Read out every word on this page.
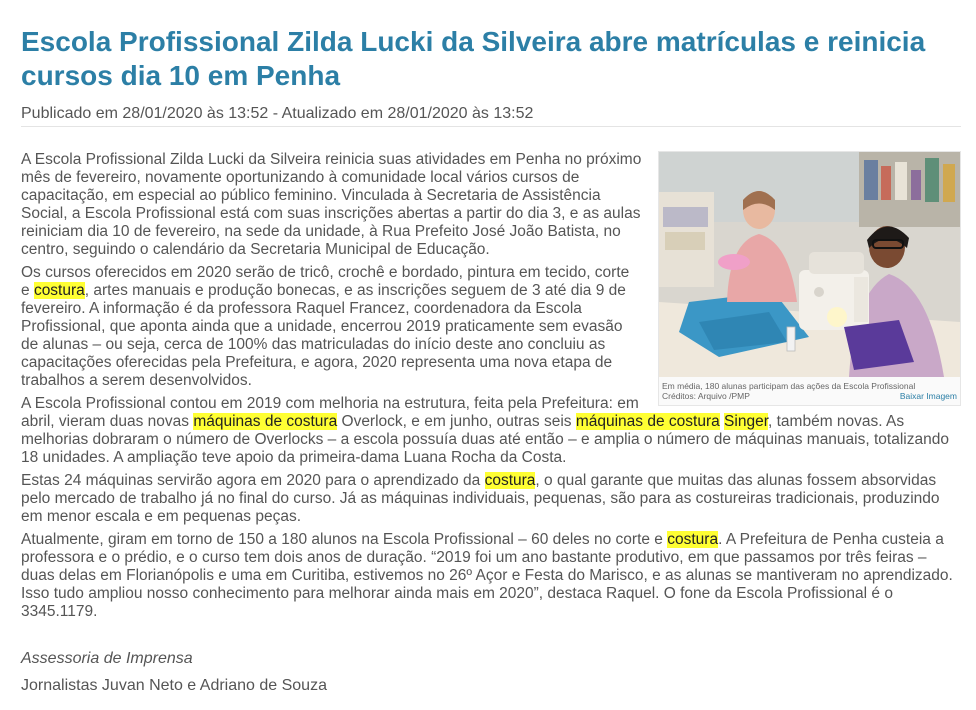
Escola Profissional Zilda Lucki da Silveira abre matrículas e reinicia cursos dia 10 em Penha
Publicado em 28/01/2020 às 13:52 - Atualizado em 28/01/2020 às 13:52
Em média, 180 alunas participam das ações da Escola Profissional
Créditos: Arquivo /PMP	Baixar Imagem

A Escola Profissional Zilda Lucki da Silveira reinicia suas atividades em Penha no próximo mês de fevereiro, novamente oportunizando à comunidade local vários cursos de capacitação, em especial ao público feminino. Vinculada à Secretaria de Assistência Social, a Escola Profissional está com suas inscrições abertas a partir do dia 3, e as aulas reiniciam dia 10 de fevereiro, na sede da unidade, à Rua Prefeito José João Batista, no centro, seguindo o calendário da Secretaria Municipal de Educação.

Os cursos oferecidos em 2020 serão de tricô, crochê e bordado, pintura em tecido, corte e costura, artes manuais e produção bonecas, e as inscrições seguem de 3 até dia 9 de fevereiro. A informação é da professora Raquel Francez, coordenadora da Escola Profissional, que aponta ainda que a unidade, encerrou 2019 praticamente sem evasão de alunas – ou seja, cerca de 100% das matriculadas do início deste ano concluiu as capacitações oferecidas pela Prefeitura, e agora, 2020 representa uma nova etapa de trabalhos a serem desenvolvidos.

A Escola Profissional contou em 2019 com melhoria na estrutura, feita pela Prefeitura: em abril, vieram duas novas máquinas de costura Overlock, e em junho, outras seis máquinas de costura Singer, também novas. As melhorias dobraram o número de Overlocks – a escola possuía duas até então – e amplia o número de máquinas manuais, totalizando 18 unidades. A ampliação teve apoio da primeira-dama Luana Rocha da Costa.

Estas 24 máquinas servirão agora em 2020 para o aprendizado da costura, o qual garante que muitas das alunas fossem absorvidas pelo mercado de trabalho já no final do curso. Já as máquinas individuais, pequenas, são para as costureiras tradicionais, produzindo em menor escala e em pequenas peças.

Atualmente, giram em torno de 150 a 180 alunos na Escola Profissional – 60 deles no corte e costura. A Prefeitura de Penha custeia a professora e o prédio, e o curso tem dois anos de duração. “2019 foi um ano bastante produtivo, em que passamos por três feiras – duas delas em Florianópolis e uma em Curitiba, estivemos no 26º Açor e Festa do Marisco, e as alunas se mantiveram no aprendizado. Isso tudo ampliou nosso conhecimento para melhorar ainda mais em 2020”, destaca Raquel. O fone da Escola Profissional é o 3345.1179.

Assessoria de Imprensa
Jornalistas Juvan Neto e Adriano de Souza
